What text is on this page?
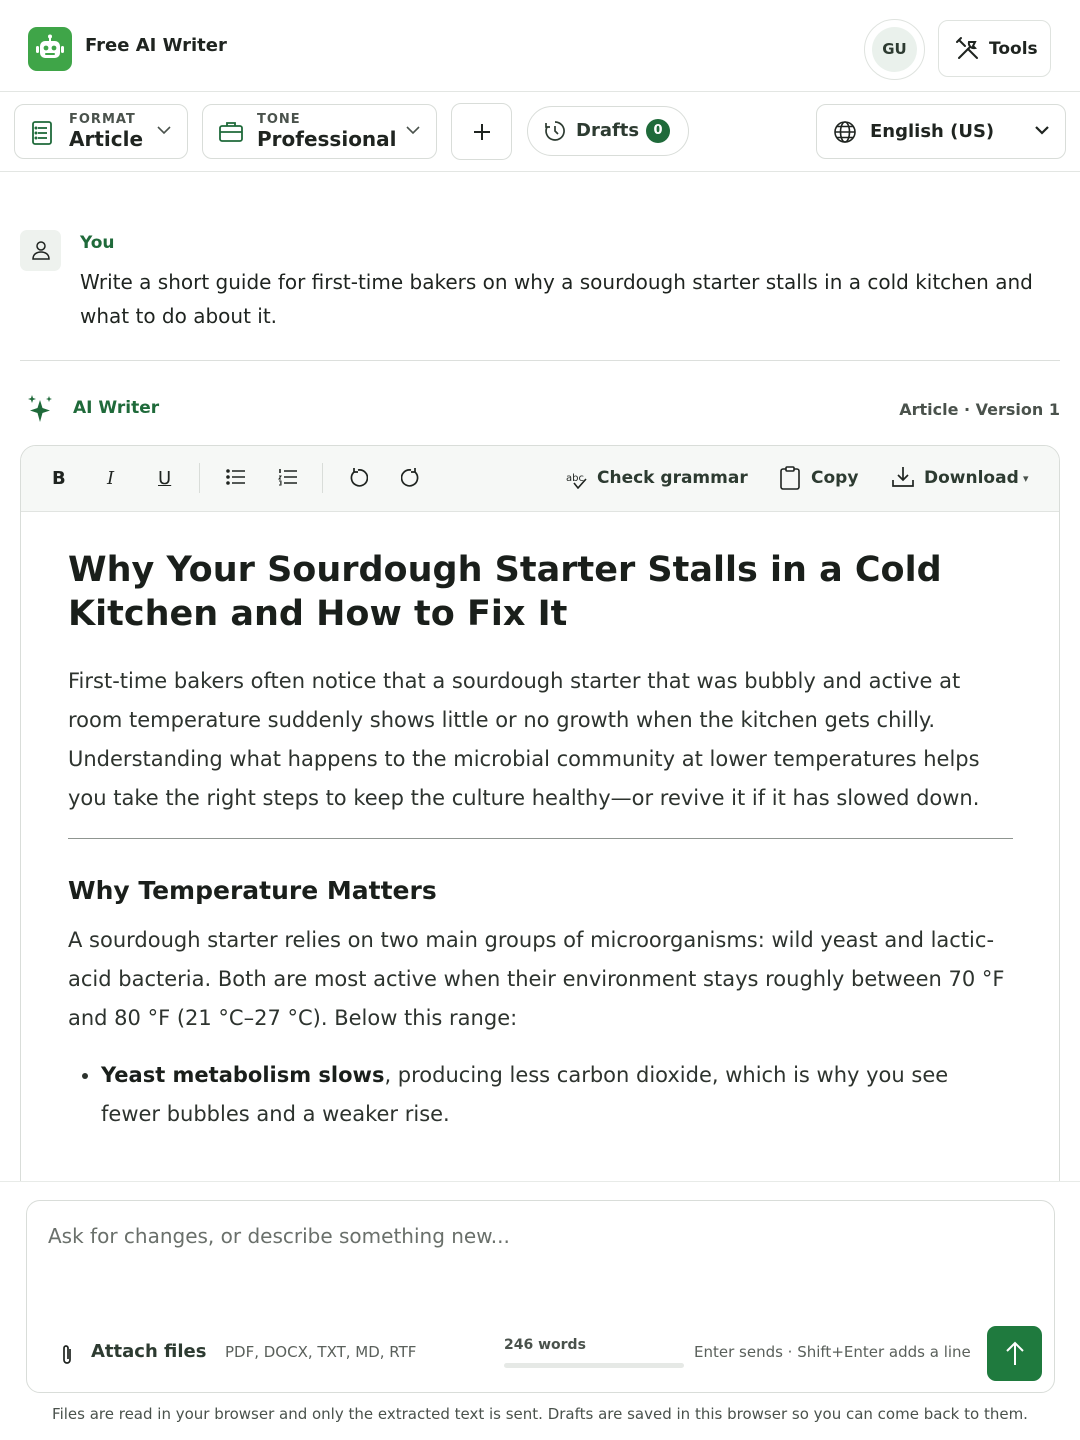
Free AI Writer	GU	Tools
FORMAT
Article
TONE
Professional	Drafts	0	English (US)
You
Write a short guide for first-time bakers on why a sourdough starter stalls in a cold kitchen and what to do about it.
AI Writer	Article · Version 1
B I U	abc Check grammar	Copy	Download ▾
Why Your Sourdough Starter Stalls in a Cold Kitchen and How to Fix It

First-time bakers often notice that a sourdough starter that was bubbly and active at room temperature suddenly shows little or no growth when the kitchen gets chilly. Understanding what happens to the microbial community at lower temperatures helps you take the right steps to keep the culture healthy—or revive it if it has slowed down.

Why Temperature Matters

A sourdough starter relies on two main groups of microorganisms: wild yeast and lactic-acid bacteria. Both are most active when their environment stays roughly between 70 °F and 80 °F (21 °C–27 °C). Below this range:

• Yeast metabolism slows, producing less carbon dioxide, which is why you see fewer bubbles and a weaker rise.
Ask for changes, or describe something new...
Attach files PDF, DOCX, TXT, MD, RTF	246 words	Enter sends · Shift+Enter adds a line
Files are read in your browser and only the extracted text is sent. Drafts are saved in this browser so you can come back to them.
